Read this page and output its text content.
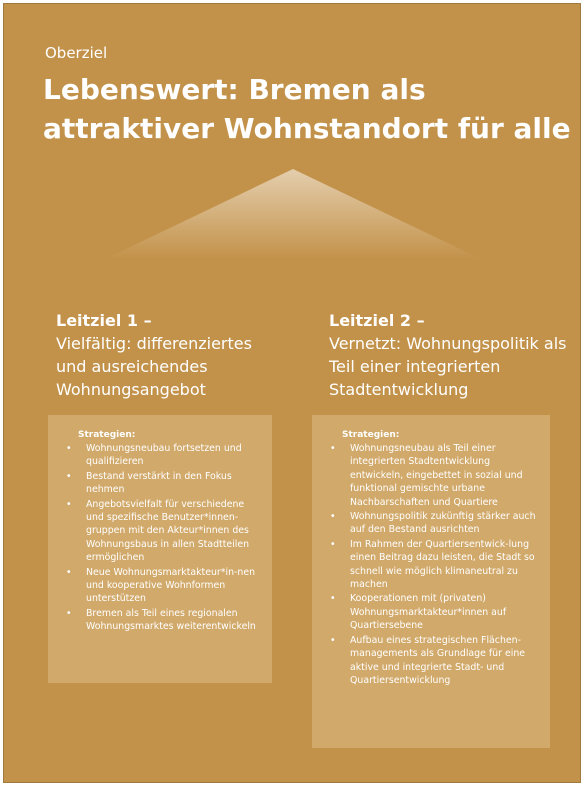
Oberziel
Lebenswert: Bremen als attraktiver Wohnstandort für alle
Leitziel 1 –
Vielfältig: differenziertes und ausreichendes Wohnungsangebot
Leitziel 2 –
Vernetzt: Wohnungspolitik als Teil einer integrierten Stadtentwicklung
Strategien:
• Wohnungsneubau fortsetzen und qualifizieren
• Bestand verstärkt in den Fokus nehmen
• Angebotsvielfalt für verschiedene und spezifische Benutzer*innen-gruppen mit den Akteur*innen des Wohnungsbaus in allen Stadtteilen ermöglichen
• Neue Wohnungsmarktakteur*in-nen und kooperative Wohnformen unterstützen
• Bremen als Teil eines regionalen Wohnungsmarktes weiterentwickeln
Strategien:
• Wohnungsneubau als Teil einer integrierten Stadtentwicklung entwickeln, eingebettet in sozial und funktional gemischte urbane Nachbarschaften und Quartiere
• Wohnungspolitik zukünftig stärker auch auf den Bestand ausrichten
• Im Rahmen der Quartiersentwick-lung einen Beitrag dazu leisten, die Stadt so schnell wie möglich klimaneutral zu machen
• Kooperationen mit (privaten) Wohnungsmarktakteur*innen auf Quartiersebene
• Aufbau eines strategischen Flächen-managements als Grundlage für eine aktive und integrierte Stadt- und Quartiersentwicklung
